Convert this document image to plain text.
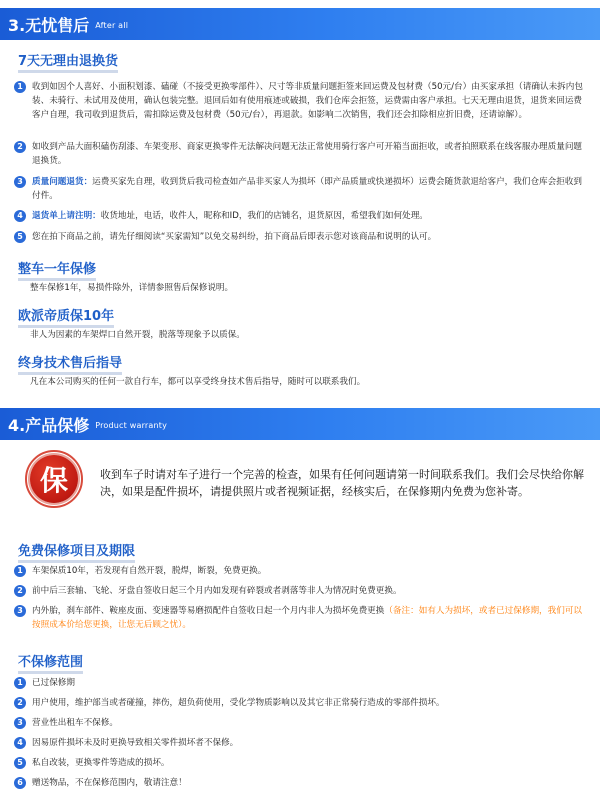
3.无忧售后 After all
7天无理由退换货
1	收到如因个人喜好、小面积划漆、磕碰（不接受更换零部件）、尺寸等非质量问题拒签来回运费及包材费（50元/台）由买家承担（请确认未拆内包装、未骑行、未试用及使用，确认包装完整。退回后如有使用痕迹或破损，我们仓库会拒签，运费需由客户承担。七天无理由退货，退货来回运费客户自理，我司收到退货后，需扣除运费及包材费（50元/台），再退款。如影响二次销售，我们还会扣除相应折旧费，还请谅解）。
2	如收到产品大面积磕伤刮漆、车架变形、商家更换零件无法解决问题无法正常使用骑行客户可开箱当面拒收，或者拍照联系在线客服办理质量问题退换货。
3	质量问题退货：运费买家先自理，收到货后我司检查如产品非买家人为损坏（即产品质量或快递损坏）运费会随货款退给客户，我们仓库会拒收到付件。
4	退货单上请注明：收货地址，电话，收件人，昵称和ID，我们的店铺名，退货原因，希望我们如何处理。
5	您在拍下商品之前，请先仔细阅读“买家需知”以免交易纠纷，拍下商品后即表示您对该商品和说明的认可。
整车一年保修
整车保修1年，易损件除外，详情参照售后保修说明。
欧派帝质保10年
非人为因素的车架焊口自然开裂，脱落等现象予以质保。
终身技术售后指导
凡在本公司购买的任何一款自行车，都可以享受终身技术售后指导，随时可以联系我们。
4.产品保修 Product warranty
保	收到车子时请对车子进行一个完善的检查，如果有任何问题请第一时间联系我们。我们会尽快给你解决，如果是配件损坏，请提供照片或者视频证据，经核实后，在保修期内免费为您补寄。
免费保修项目及期限
1	车架保质10年，若发现有自然开裂，脱焊，断裂，免费更换。
2	前中后三套轴、飞轮、牙盘自签收日起三个月内如发现有碎裂或者剥落等非人为情况时免费更换。
3	内外胎，刹车部件、鞍座皮面、变速器等易磨损配件自签收日起一个月内非人为损坏免费更换（备注：如有人为损坏，或者已过保修期，我们可以按照成本价给您更换，让您无后顾之忧）。
不保修范围
1	已过保修期
2	用户使用，维护部当或者碰撞，摔伤，超负荷使用，受化学物质影响以及其它非正常骑行造成的零部件损坏。
3	营业性出租车不保修。
4	因易原件损坏未及时更换导致相关零件损坏者不保修。
5	私自改装，更换零件等造成的损坏。
6	赠送物品，不在保修范围内，敬请注意！
